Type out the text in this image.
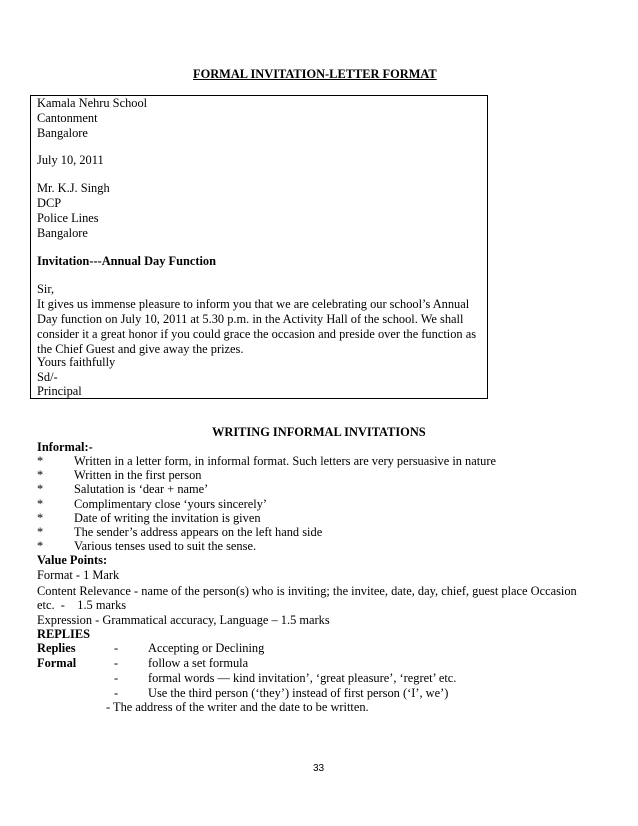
FORMAL INVITATION-LETTER FORMAT
Kamala Nehru School
Cantonment
Bangalore
July 10, 2011
Mr. K.J. Singh
DCP
Police Lines
Bangalore
Invitation---Annual Day Function
Sir,
It gives us immense pleasure to inform you that we are celebrating our school’s Annual
Day function on July 10, 2011 at 5.30 p.m. in the Activity Hall of the school. We shall
consider it a great honor if you could grace the occasion and preside over the function as
the Chief Guest and give away the prizes.
Yours faithfully
Sd/-
Principal
WRITING INFORMAL INVITATIONS
Informal:-
* Written in a letter form, in informal format. Such letters are very persuasive in nature
* Written in the first person
* Salutation is ‘dear + name’
* Complimentary close ‘yours sincerely’
* Date of writing the invitation is given
* The sender’s address appears on the left hand side
* Various tenses used to suit the sense.
Value Points:
Format - 1 Mark
Content Relevance - name of the person(s) who is inviting; the invitee, date, day, chief, guest place Occasion
etc.  -    1.5 marks
Expression - Grammatical accuracy, Language – 1.5 marks
REPLIES
Replies	- Accepting or Declining
Formal	- follow a set formula
- formal words — kind invitation’, ‘great pleasure’, ‘regret’ etc.
- Use the third person (‘they’) instead of first person (‘I’, we’)
- The address of the writer and the date to be written.
33
